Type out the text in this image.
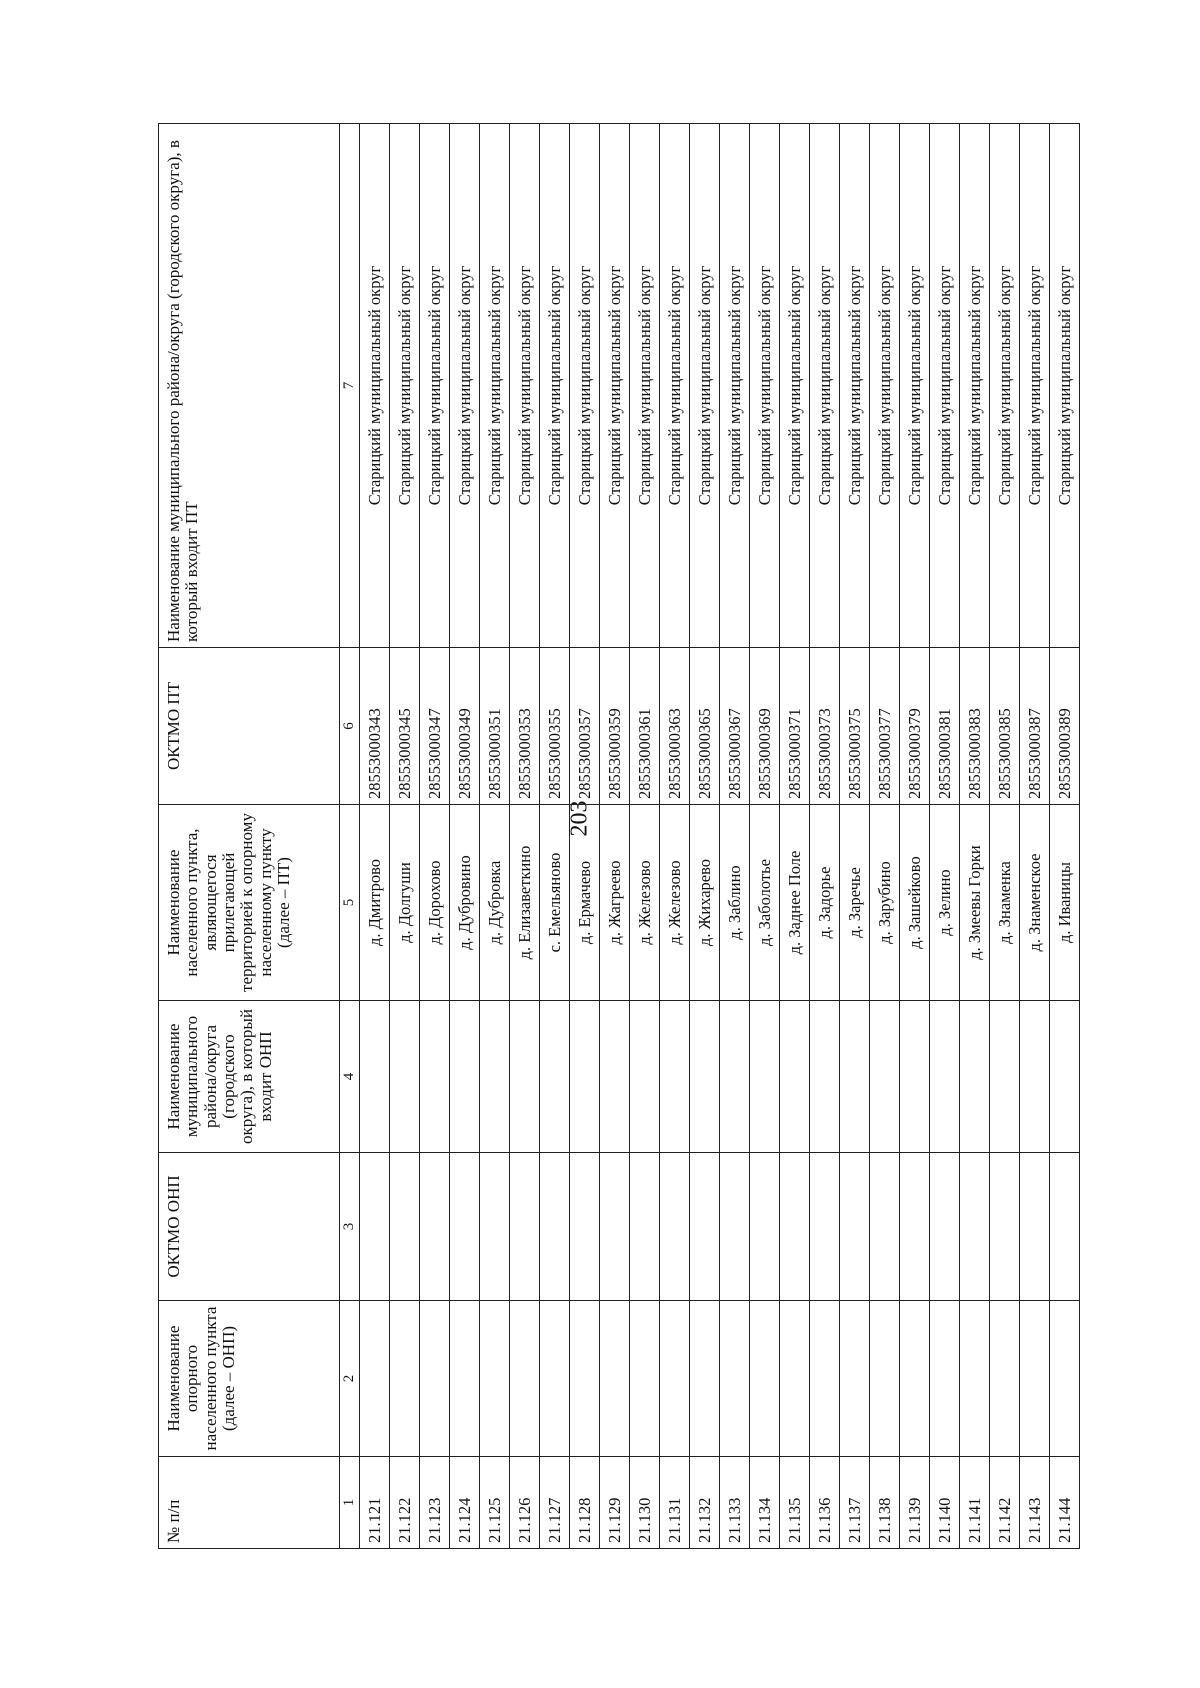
203
№ п/п	Наименование опорного населенного пункта (далее – ОНП)	ОКТМО ОНП	Наименование муниципального района/округа (городского округа), в который входит ОНП	Наименование населенного пункта, являющегося прилегающей территорией к опорному населенному пункту (далее – ПТ)	ОКТМО ПТ	Наименование муниципального района/округа (городского округа), в который входит ПТ
1	2	3	4	5	6	7
21.121				д. Дмитрово	28553000343	Старицкий муниципальный округ
21.122				д. Долгуши	28553000345	Старицкий муниципальный округ
21.123				д. Дорохово	28553000347	Старицкий муниципальный округ
21.124				д. Дубровино	28553000349	Старицкий муниципальный округ
21.125				д. Дубровка	28553000351	Старицкий муниципальный округ
21.126				д. Елизаветкино	28553000353	Старицкий муниципальный округ
21.127				с. Емельяново	28553000355	Старицкий муниципальный округ
21.128				д. Ермачево	28553000357	Старицкий муниципальный округ
21.129				д. Жагреево	28553000359	Старицкий муниципальный округ
21.130				д. Железово	28553000361	Старицкий муниципальный округ
21.131				д. Железово	28553000363	Старицкий муниципальный округ
21.132				д. Жихарево	28553000365	Старицкий муниципальный округ
21.133				д. Заблино	28553000367	Старицкий муниципальный округ
21.134				д. Заболотье	28553000369	Старицкий муниципальный округ
21.135				д. Заднее Поле	28553000371	Старицкий муниципальный округ
21.136				д. Задорье	28553000373	Старицкий муниципальный округ
21.137				д. Заречье	28553000375	Старицкий муниципальный округ
21.138				д. Зарубино	28553000377	Старицкий муниципальный округ
21.139				д. Зашейково	28553000379	Старицкий муниципальный округ
21.140				д. Зелино	28553000381	Старицкий муниципальный округ
21.141				д. Змеевы Горки	28553000383	Старицкий муниципальный округ
21.142				д. Знаменка	28553000385	Старицкий муниципальный округ
21.143				д. Знаменское	28553000387	Старицкий муниципальный округ
21.144				д. Иваницы	28553000389	Старицкий муниципальный округ
